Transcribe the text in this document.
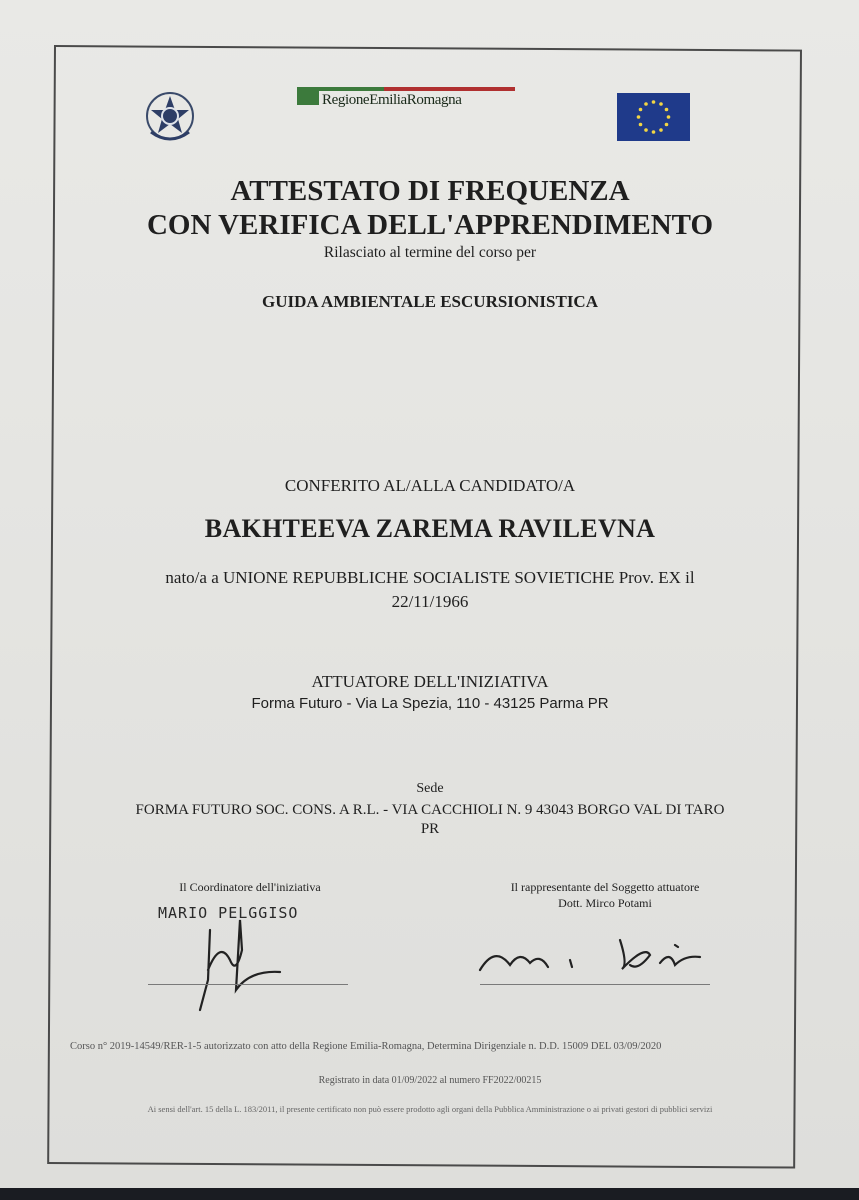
RegioneEmiliaRomagna
ATTESTATO DI FREQUENZA
CON VERIFICA DELL'APPRENDIMENTO
Rilasciato al termine del corso per
GUIDA AMBIENTALE ESCURSIONISTICA
CONFERITO AL/ALLA CANDIDATO/A
BAKHTEEVA ZAREMA RAVILEVNA
nato/a a UNIONE REPUBBLICHE SOCIALISTE SOVIETICHE Prov. EX il
22/11/1966
ATTUATORE DELL'INIZIATIVA
Forma Futuro - Via La Spezia, 110 - 43125 Parma PR
Sede
FORMA FUTURO SOC. CONS. A R.L. - VIA CACCHIOLI N. 9 43043 BORGO VAL DI TARO
PR
Il Coordinatore dell'iniziativa
MARIO PELGGISO
Il rappresentante del Soggetto attuatore
Dott. Mirco Potami
Corso n° 2019-14549/RER-1-5 autorizzato con atto della Regione Emilia-Romagna, Determina Dirigenziale n. D.D. 15009 DEL 03/09/2020
Registrato in data 01/09/2022 al numero FF2022/00215
Ai sensi dell'art. 15 della L. 183/2011, il presente certificato non può essere prodotto agli organi della Pubblica Amministrazione o ai privati gestori di pubblici servizi
